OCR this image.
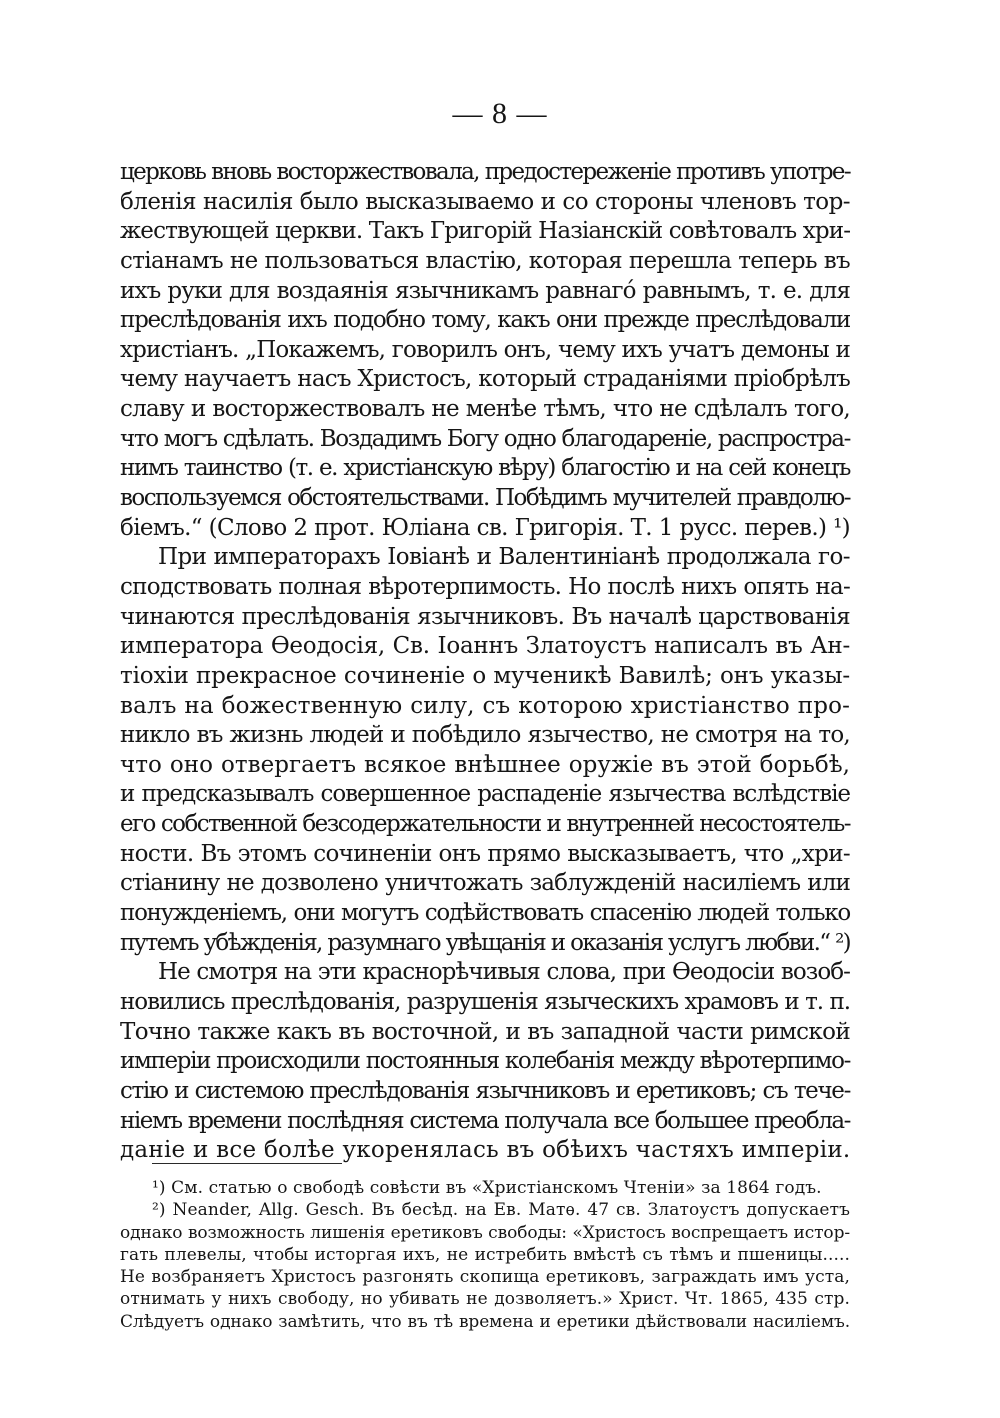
— 8 —
церковь вновь восторжествовала, предостереженіе противъ употре-
бленія насилія было высказываемо и со стороны членовъ тор-
жествующей церкви. Такъ Григорій Назіанскій совѣтовалъ хри-
стіанамъ не пользоваться властію, которая перешла теперь въ
ихъ руки для воздаянія язычникамъ равнагó равнымъ, т. е. для
преслѣдованія ихъ подобно тому, какъ они прежде преслѣдовали
христіанъ. „Покажемъ, говорилъ онъ, чему ихъ учатъ демоны и
чему научаетъ насъ Христосъ, который страданіями пріобрѣлъ
славу и восторжествовалъ не менѣе тѣмъ, что не сдѣлалъ того,
что могъ сдѣлать. Воздадимъ Богу одно благодареніе, распростра-
нимъ таинство (т. е. христіанскую вѣру) благостію и на сей конецъ
воспользуемся обстоятельствами. Побѣдимъ мучителей правдолю-
біемъ.“ (Слово 2 прот. Юліана св. Григорія. Т. 1 русс. перев.) ¹)
При императорахъ Іовіанѣ и Валентиніанѣ продолжала го-
сподствовать полная вѣротерпимость. Но послѣ нихъ опять на-
чинаются преслѣдованія язычниковъ. Въ началѣ царствованія
императора Ѳеодосія, Св. Іоаннъ Златоустъ написалъ въ Ан-
тіохіи прекрасное сочиненіе о мученикѣ Вавилѣ; онъ указы-
валъ на божественную силу, съ которою христіанство про-
никло въ жизнь людей и побѣдило язычество, не смотря на то,
что оно отвергаетъ всякое внѣшнее оружіе въ этой борьбѣ,
и предсказывалъ совершенное распаденіе язычества вслѣдствіе
его собственной безсодержательности и внутренней несостоятель-
ности. Въ этомъ сочиненіи онъ прямо высказываетъ, что „хри-
стіанину не дозволено уничтожать заблужденій насиліемъ или
понужденіемъ, они могутъ содѣйствовать спасенію людей только
путемъ убѣжденія, разумнаго увѣщанія и оказанія услугъ любви.“ ²)
Не смотря на эти краснорѣчивыя слова, при Ѳеодосіи возоб-
новились преслѣдованія, разрушенія языческихъ храмовъ и т. п.
Точно также какъ въ восточной, и въ западной части римской
имперіи происходили постоянныя колебанія между вѣротерпимо-
стію и системою преслѣдованія язычниковъ и еретиковъ; съ тече-
ніемъ времени послѣдняя система получала все большее преобла-
даніе и все болѣе укоренялась въ обѣихъ частяхъ имперіи.
¹) См. статью о свободѣ совѣсти въ «Христіанскомъ Чтеніи» за 1864 годъ.
²) Neander, Allg. Gesch. Въ бесѣд. на Ев. Матѳ. 47 св. Златоустъ допускаетъ
однако возможность лишенія еретиковъ свободы: «Христосъ воспрещаетъ истор-
гать плевелы, чтобы исторгая ихъ, не истребить вмѣстѣ съ тѣмъ и пшеницы.....
Не возбраняетъ Христосъ разгонять скопища еретиковъ, заграждать имъ уста,
отнимать у нихъ свободу, но убивать не дозволяетъ.» Христ. Чт. 1865, 435 стр.
Слѣдуетъ однако замѣтить, что въ тѣ времена и еретики дѣйствовали насиліемъ.
